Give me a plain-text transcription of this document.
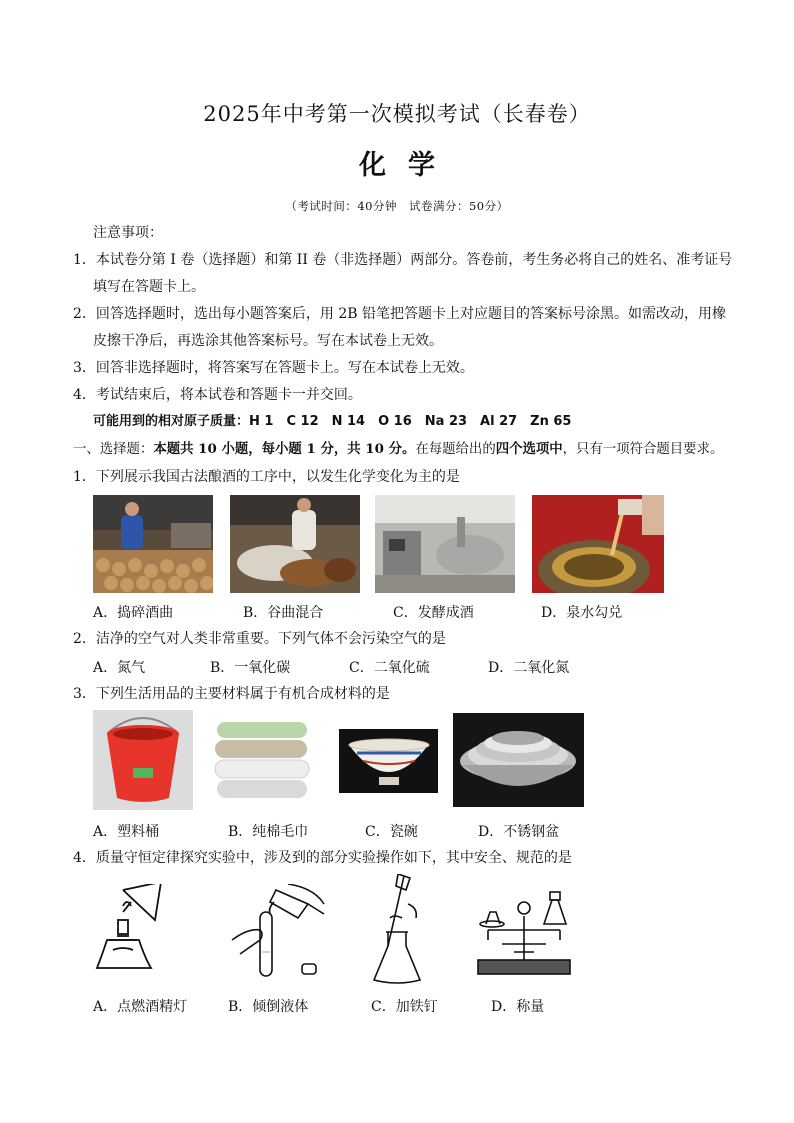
2025年中考第一次模拟考试（长春卷）
化学
（考试时间：40分钟　试卷满分：50分）
注意事项：
1．本试卷分第 I 卷（选择题）和第 II 卷（非选择题）两部分。答卷前，考生务必将自己的姓名、准考证号
填写在答题卡上。
2．回答选择题时，选出每小题答案后，用 2B 铅笔把答题卡上对应题目的答案标号涂黑。如需改动，用橡
皮擦干净后，再选涂其他答案标号。写在本试卷上无效。
3．回答非选择题时，将答案写在答题卡上。写在本试卷上无效。
4．考试结束后，将本试卷和答题卡一并交回。
可能用到的相对原子质量：H 1　C 12　N 14　O 16　Na 23　Al 27　Zn 65
一、选择题：本题共 10 小题，每小题 1 分，共 10 分。在每题给出的四个选项中，只有一项符合题目要求。
1．下列展示我国古法酿酒的工序中，以发生化学变化为主的是
A．捣碎酒曲	B．谷曲混合	C．发酵成酒	D．泉水勾兑
2．洁净的空气对人类非常重要。下列气体不会污染空气的是
A．氮气	B．一氧化碳	C．二氧化硫	D．二氧化氮
3．下列生活用品的主要材料属于有机合成材料的是
A．塑料桶	B．纯棉毛巾	C．瓷碗	D．不锈钢盆
4．质量守恒定律探究实验中，涉及到的部分实验操作如下，其中安全、规范的是
A．点燃酒精灯	B．倾倒液体	C．加铁钉	D．称量
